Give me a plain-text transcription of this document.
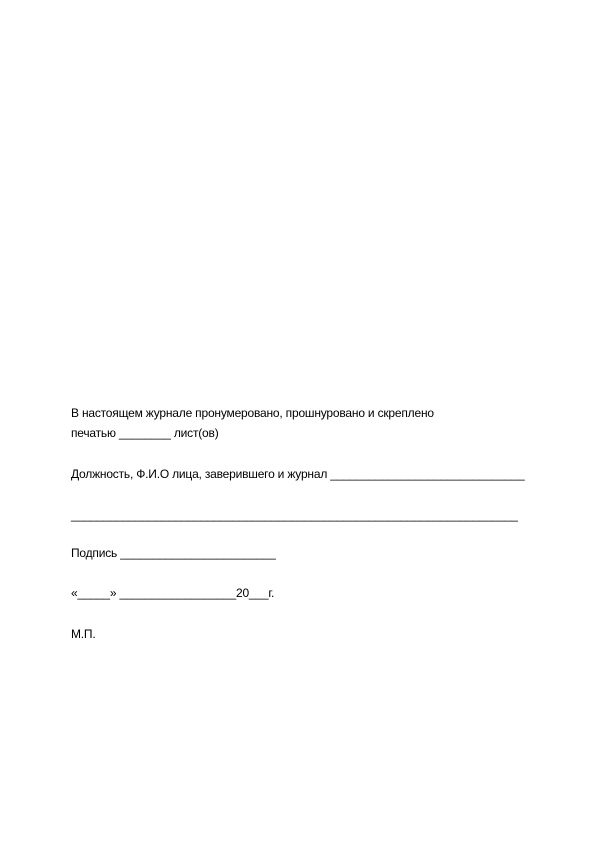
В настоящем журнале пронумеровано, прошнуровано и скреплено
печатью ________ лист(ов)
Должность, Ф.И.О лица, заверившего и журнал ______________________________
_____________________________________________________________________
Подпись ________________________
«_____» __________________20___г.
М.П.
